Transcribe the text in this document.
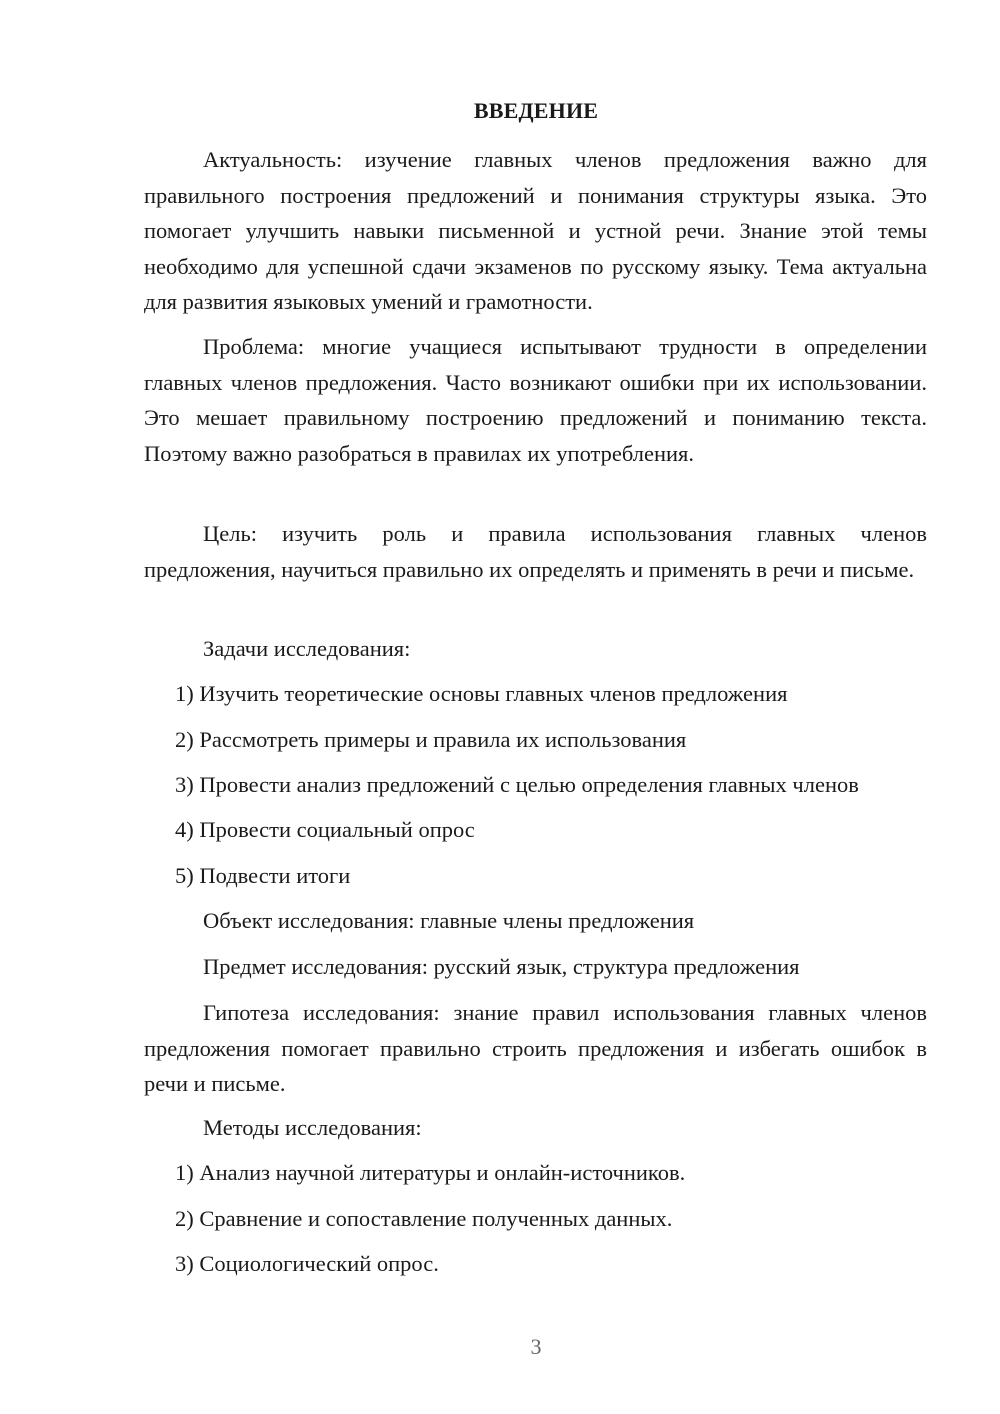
ВВЕДЕНИЕ

Актуальность: изучение главных членов предложения важно для правильного построения предложений и понимания структуры языка. Это помогает улучшить навыки письменной и устной речи. Знание этой темы необходимо для успешной сдачи экзаменов по русскому языку. Тема актуальна для развития языковых умений и грамотности.

Проблема: многие учащиеся испытывают трудности в определении главных членов предложения. Часто возникают ошибки при их использовании. Это мешает правильному построению предложений и пониманию текста. Поэтому важно разобраться в правилах их употребления.

Цель: изучить роль и правила использования главных членов предложения, научиться правильно их определять и применять в речи и письме.

Задачи исследования:

1) Изучить теоретические основы главных членов предложения

2) Рассмотреть примеры и правила их использования

3) Провести анализ предложений с целью определения главных членов

4) Провести социальный опрос

5) Подвести итоги

Объект исследования: главные члены предложения

Предмет исследования: русский язык, структура предложения

Гипотеза исследования: знание правил использования главных членов предложения помогает правильно строить предложения и избегать ошибок в речи и письме.

Методы исследования:

1) Анализ научной литературы и онлайн-источников.

2) Сравнение и сопоставление полученных данных.

3) Социологический опрос.

3
